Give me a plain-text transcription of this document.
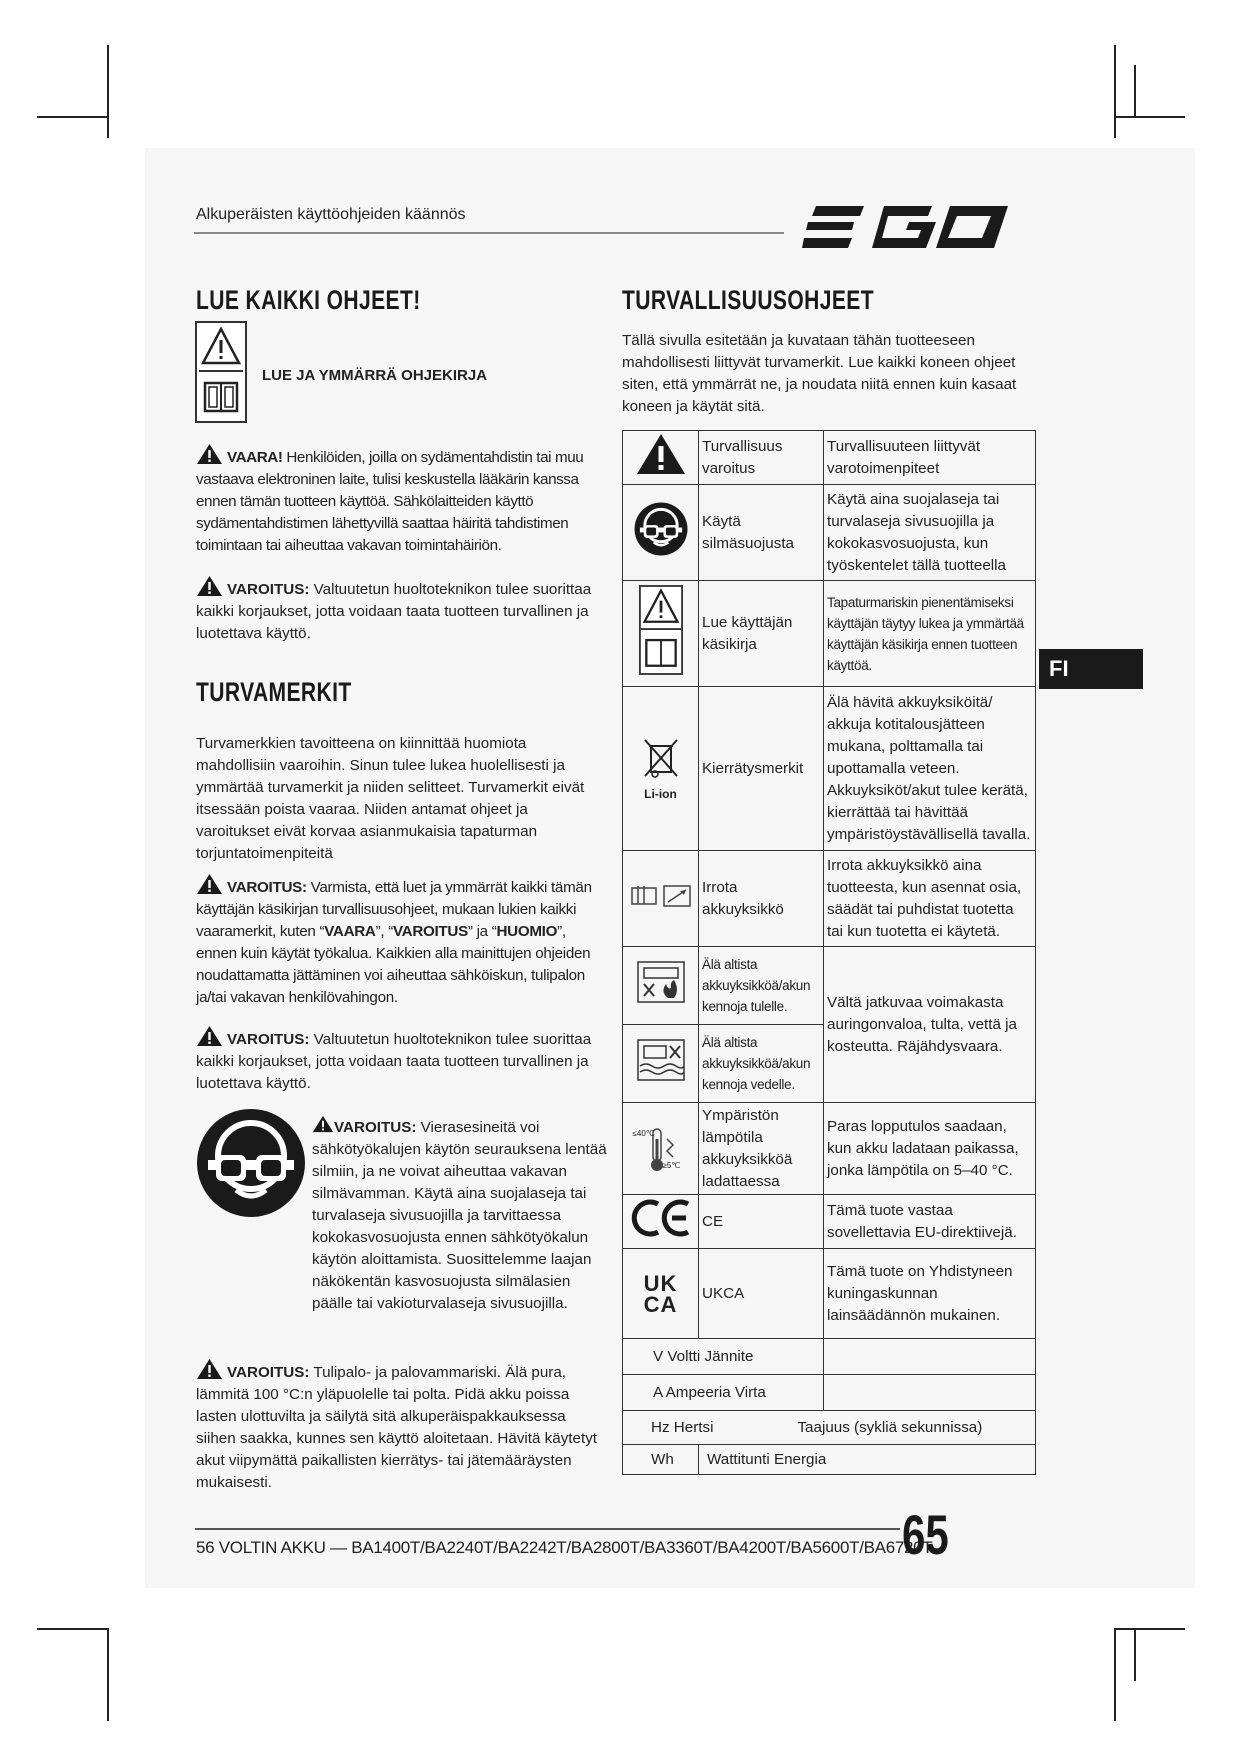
Alkuperäisten käyttöohjeiden käännös
LUE KAIKKI OHJEET!
LUE JA YMMÄRRÄ OHJEKIRJA
VAARA! Henkilöiden, joilla on sydämentahdistin tai muu vastaava elektroninen laite, tulisi keskustella lääkärin kanssa ennen tämän tuotteen käyttöä. Sähkölaitteiden käyttö sydämentahdistimen lähettyvillä saattaa häiritä tahdistimen toimintaan tai aiheuttaa vakavan toimintahäiriön.
VAROITUS: Valtuutetun huoltoteknikon tulee suorittaa kaikki korjaukset, jotta voidaan taata tuotteen turvallinen ja luotettava käyttö.
TURVAMERKIT
Turvamerkkien tavoitteena on kiinnittää huomiota mahdollisiin vaaroihin. Sinun tulee lukea huolellisesti ja ymmärtää turvamerkit ja niiden selitteet. Turvamerkit eivät itsessään poista vaaraa. Niiden antamat ohjeet ja varoitukset eivät korvaa asianmukaisia tapaturman torjuntatoimenpiteitä
VAROITUS: Varmista, että luet ja ymmärrät kaikki tämän käyttäjän käsikirjan turvallisuusohjeet, mukaan lukien kaikki vaaramerkit, kuten “VAARA”, “VAROITUS” ja “HUOMIO”, ennen kuin käytät työkalua. Kaikkien alla mainittujen ohjeiden noudattamatta jättäminen voi aiheuttaa sähköiskun, tulipalon ja/tai vakavan henkilövahingon.
VAROITUS: Valtuutetun huoltoteknikon tulee suorittaa kaikki korjaukset, jotta voidaan taata tuotteen turvallinen ja luotettava käyttö.
VAROITUS: Vierasesineitä voi sähkötyökalujen käytön seurauksena lentää silmiin, ja ne voivat aiheuttaa vakavan silmävamman. Käytä aina suojalaseja tai turvalaseja sivusuojilla ja tarvittaessa kokokasvosuojusta ennen sähkötyökalun käytön aloittamista. Suosittelemme laajan näkökentän kasvosuojusta silmälasien päälle tai vakioturvalaseja sivusuojilla.
VAROITUS: Tulipalo- ja palovammariski. Älä pura, lämmitä 100 °C:n yläpuolelle tai polta. Pidä akku poissa lasten ulottuvilta ja säilytä sitä alkuperäispakkauksessa siihen saakka, kunnes sen käyttö aloitetaan. Hävitä käytetyt akut viipymättä paikallisten kierrätys- tai jätemääräysten mukaisesti.
TURVALLISUUSOHJEET
Tällä sivulla esitetään ja kuvataan tähän tuotteeseen mahdollisesti liittyvät turvamerkit. Lue kaikki koneen ohjeet siten, että ymmärrät ne, ja noudata niitä ennen kuin kasaat koneen ja käytät sitä.
	Turvallisuus varoitus	Turvallisuuteen liittyvät varotoimenpiteet
	Käytä silmäsuojusta	Käytä aina suojalaseja tai turvalaseja sivusuojilla ja kokokasvosuojusta, kun työskentelet tällä tuotteella
	Lue käyttäjän käsikirja	Tapaturmariskin pienentämiseksi käyttäjän täytyy lukea ja ymmärtää käyttäjän käsikirja ennen tuotteen käyttöä.

Li-ion	Kierrätysmerkit	Älä hävitä akkuyksiköitä/ akkuja kotitalousjätteen mukana, polttamalla tai upottamalla veteen. Akkuyksiköt/akut tulee kerätä, kierrättää tai hävittää ympäristöystävällisellä tavalla.
	Irrota akkuyksikkö	Irrota akkuyksikkö aina tuotteesta, kun asennat osia, säädät tai puhdistat tuotetta tai kun tuotetta ei käytetä.
	Älä altista akkuyksikköä/akun kennoja tulelle.	Vältä jatkuvaa voimakasta auringonvaloa, tulta, vettä ja kosteutta. Räjähdysvaara.
	Älä altista akkuyksikköä/akun kennoja vedelle.	

≤40℃
≥5℃	Ympäristön lämpötila akkuyksikköä ladattaessa	Paras lopputulos saadaan, kun akku ladataan paikassa, jonka lämpötila on 5–40 °C.
	CE	Tämä tuote vastaa sovellettavia EU-direktiivejä.

UK
CA	UKCA	Tämä tuote on Yhdistyneen kuningaskunnan lainsäädännön mukainen.
V Voltti Jännite		
A Ampeeria Virta		
Hz Hertsi Taajuus (sykliä sekunnissa)		
Wh	Wattitunti Energia	
FI
56 VOLTIN AKKU — BA1400T/BA2240T/BA2242T/BA2800T/BA3360T/BA4200T/BA5600T/BA6720T
65
